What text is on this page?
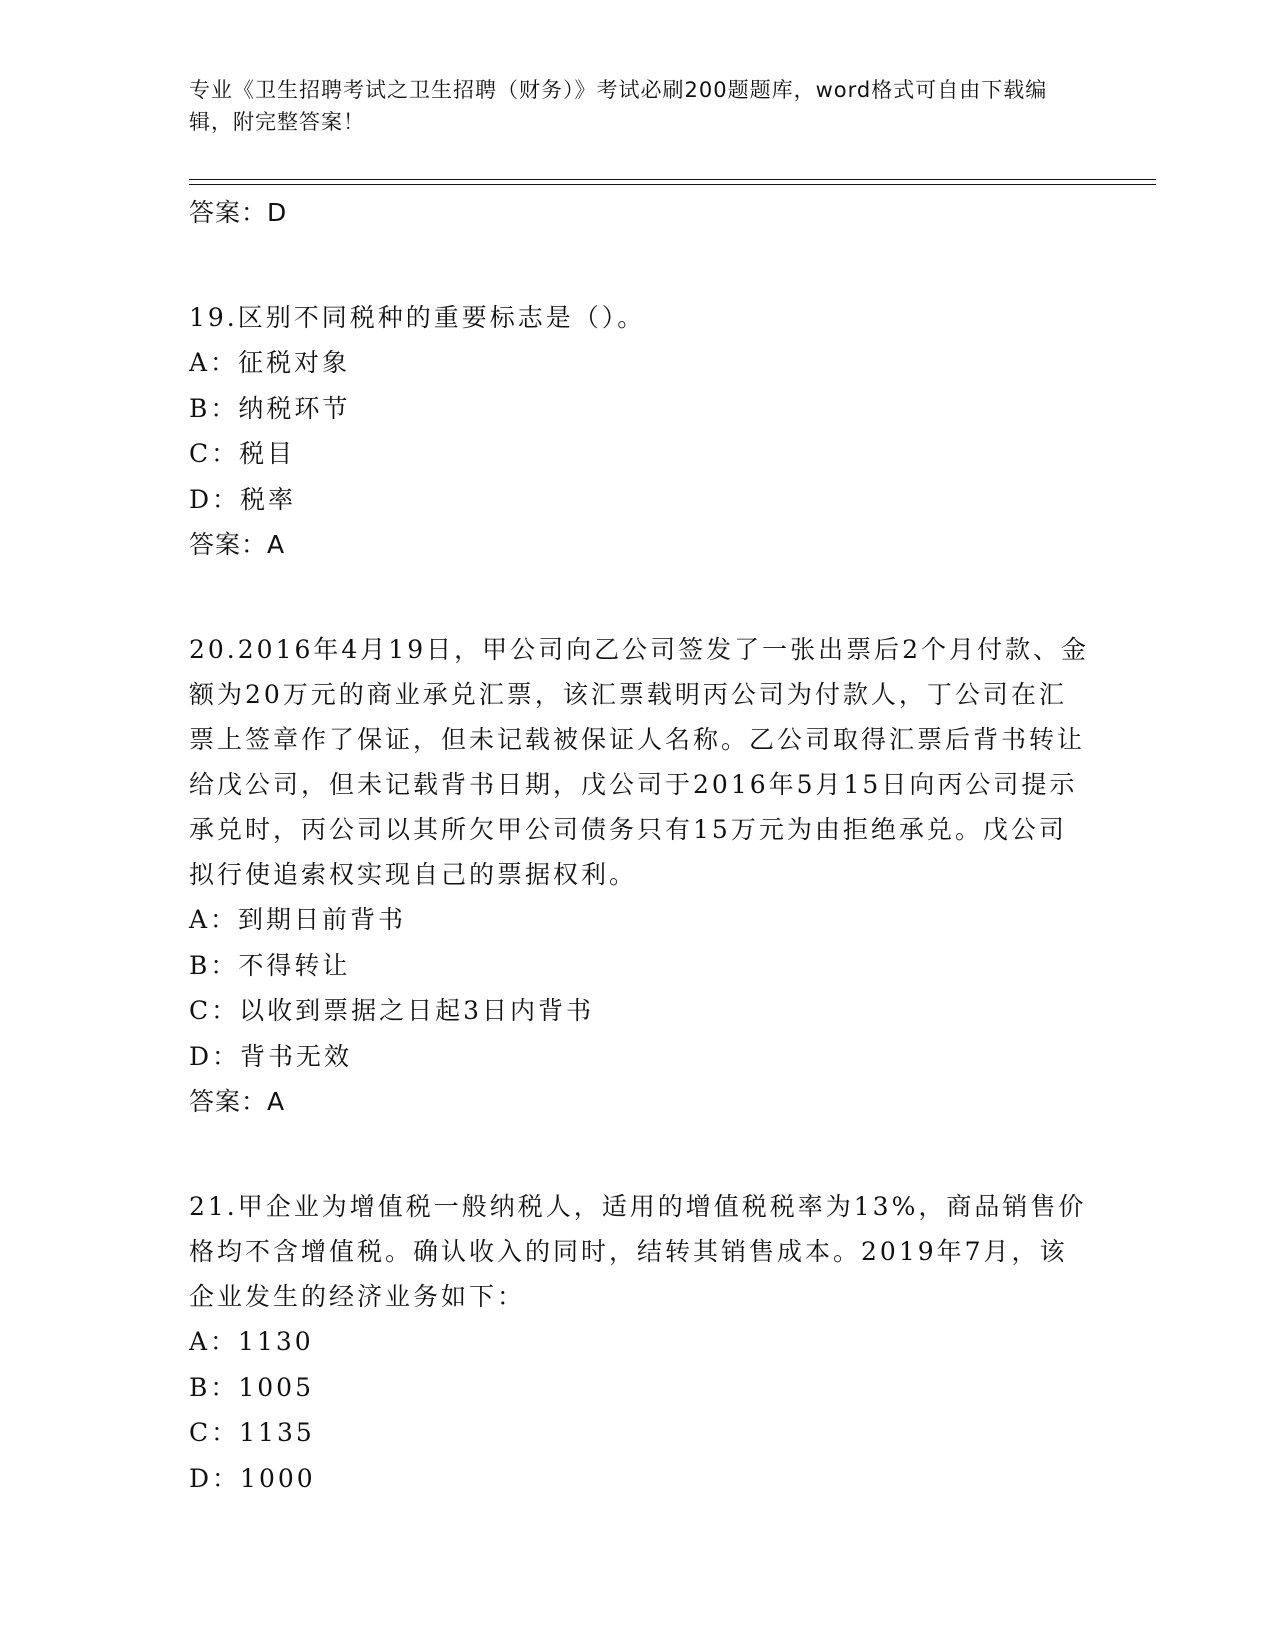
专业《卫生招聘考试之卫生招聘（财务）》考试必刷200题题库，word格式可自由下载编辑，附完整答案！

答案：D

19.区别不同税种的重要标志是（）。

A：征税对象

B：纳税环节

C：税目

D：税率

答案：A

20.2016年4月19日，甲公司向乙公司签发了一张出票后2个月付款、金额为20万元的商业承兑汇票，该汇票载明丙公司为付款人，丁公司在汇票上签章作了保证，但未记载被保证人名称。乙公司取得汇票后背书转让给戊公司，但未记载背书日期，戊公司于2016年5月15日向丙公司提示承兑时，丙公司以其所欠甲公司债务只有15万元为由拒绝承兑。戊公司拟行使追索权实现自己的票据权利。

A：到期日前背书

B：不得转让

C：以收到票据之日起3日内背书

D：背书无效

答案：A

21.甲企业为增值税一般纳税人，适用的增值税税率为13%，商品销售价格均不含增值税。确认收入的同时，结转其销售成本。2019年7月，该企业发生的经济业务如下：

A：1130

B：1005

C：1135

D：1000
